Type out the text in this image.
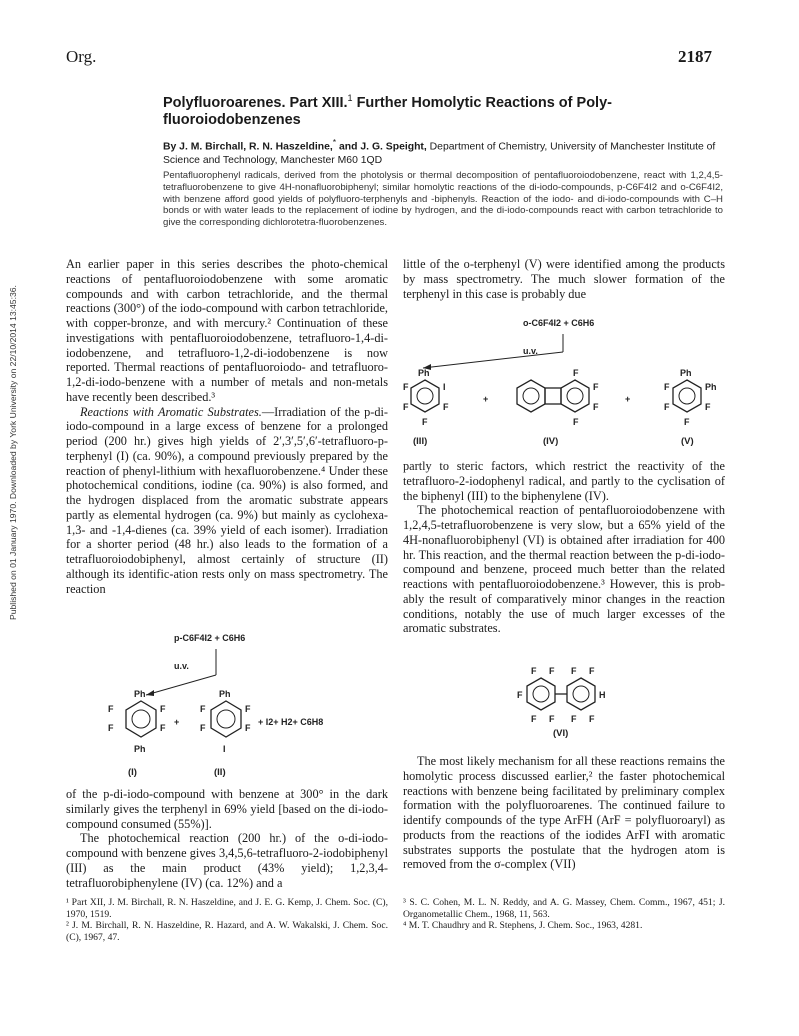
Org.	2187
Polyfluoroarenes. Part XIII.$^1$ Further Homolytic Reactions of Poly-fluoroiodobenzenes
By J. M. Birchall, R. N. Haszeldine,* and J. G. Speight, Department of Chemistry, University of Manchester Institute of Science and Technology, Manchester M60 1QD
Pentafluorophenyl radicals, derived from the photolysis or thermal decomposition of pentafluoroiodobenzene, react with 1,2,4,5-tetrafluorobenzene to give 4H-nonafluorobiphenyl; similar homolytic reactions of the di-iodo-compounds, p-C6F4I2 and o-C6F4I2, with benzene afford good yields of polyfluoro-terphenyls and -biphenyls. Reaction of the iodo- and di-iodo-compounds with C–H bonds or with water leads to the replacement of iodine by hydrogen, and the di-iodo-compounds react with carbon tetrachloride to give the corresponding dichlorotetra-fluorobenzenes.
Published on 01 January 1970. Downloaded by York University on 22/10/2014 13:45:36.

An earlier paper in this series describes the photo-chemical reactions of pentafluoroiodobenzene with some aromatic compounds and with carbon tetrachloride, and the thermal reactions (300°) of the iodo-compound with carbon tetrachloride, with copper-bronze, and with mercury.² Continuation of these investigations with pentafluoroiodobenzene, tetrafluoro-1,4-di-iodobenzene, and tetrafluoro-1,2-di-iodobenzene is now reported. Thermal reactions of pentafluoroiodo- and tetrafluoro-1,2-di-iodo-benzene with a number of metals and non-metals have recently been described.³

Reactions with Aromatic Substrates.—Irradiation of the p-di-iodo-compound in a large excess of benzene for a prolonged period (200 hr.) gives high yields of 2′,3′,5′,6′-tetrafluoro-p-terphenyl (I) (ca. 90%), a compound previously prepared by the reaction of phenyl-lithium with hexafluorobenzene.⁴ Under these photochemical conditions, iodine (ca. 90%) is also formed, and the hydrogen displaced from the aromatic substrate appears partly as elemental hydrogen (ca. 9%) but mainly as cyclohexa-1,3- and -1,4-dienes (ca. 39% yield of each isomer). Irradiation for a shorter period (48 hr.) also leads to the formation of a tetrafluoroiodobiphenyl, almost certainly of structure (II) although its identific-ation rests only on mass spectrometry. The reaction

p-C6F4I2 + C6H6
u.v.
Ph
Ph
F	F
F	F
+
Ph
I
F	F
F	F
+ I2+ H2+ C6H8
(I)	(II)

of the p-di-iodo-compound with benzene at 300° in the dark similarly gives the terphenyl in 69% yield [based on the di-iodo-compound consumed (55%)].

The photochemical reaction (200 hr.) of the o-di-iodo-compound with benzene gives 3,4,5,6-tetrafluoro-2-iodobiphenyl (III) as the main product (43% yield); 1,2,3,4-tetrafluorobiphenylene (IV) (ca. 12%) and a

little of the o-terphenyl (V) were identified among the products by mass spectrometry. The much slower formation of the terphenyl in this case is probably due

o-C6F4I2 + C6H6
u.v.
Ph
I
F
F	F
F
+
F
F
F
F
+
Ph
Ph
F
F	F
F
(III)	(IV)	(V)

partly to steric factors, which restrict the reactivity of the tetrafluoro-2-iodophenyl radical, and partly to the cyclisation of the biphenyl (III) to the biphenylene (IV).

The photochemical reaction of pentafluoroiodobenzene with 1,2,4,5-tetrafluorobenzene is very slow, but a 65% yield of the 4H-nonafluorobiphenyl (VI) is obtained after irradiation for 400 hr. This reaction, and the thermal reaction between the p-di-iodo-compound and benzene, proceed much better than the related reactions with pentafluoroiodobenzene.³ However, this is prob-ably the result of comparatively minor changes in the reaction conditions, notably the use of much larger excesses of the aromatic substrates.

F F F F
F	H
F F F F
(VI)

The most likely mechanism for all these reactions remains the homolytic process discussed earlier,² the faster photochemical reactions with benzene being facilitated by preliminary complex formation with the polyfluoroarenes. The continued failure to identify compounds of the type ArFH (ArF = polyfluoroaryl) as products from the reactions of the iodides ArFI with aromatic substrates supports the postulate that the hydrogen atom is removed from the σ-complex (VII)

¹ Part XII, J. M. Birchall, R. N. Haszeldine, and J. E. G. Kemp, J. Chem. Soc. (C), 1970, 1519.
² J. M. Birchall, R. N. Haszeldine, R. Hazard, and A. W. Wakalski, J. Chem. Soc. (C), 1967, 47.
³ S. C. Cohen, M. L. N. Reddy, and A. G. Massey, Chem. Comm., 1967, 451; J. Organometallic Chem., 1968, 11, 563.
⁴ M. T. Chaudhry and R. Stephens, J. Chem. Soc., 1963, 4281.
